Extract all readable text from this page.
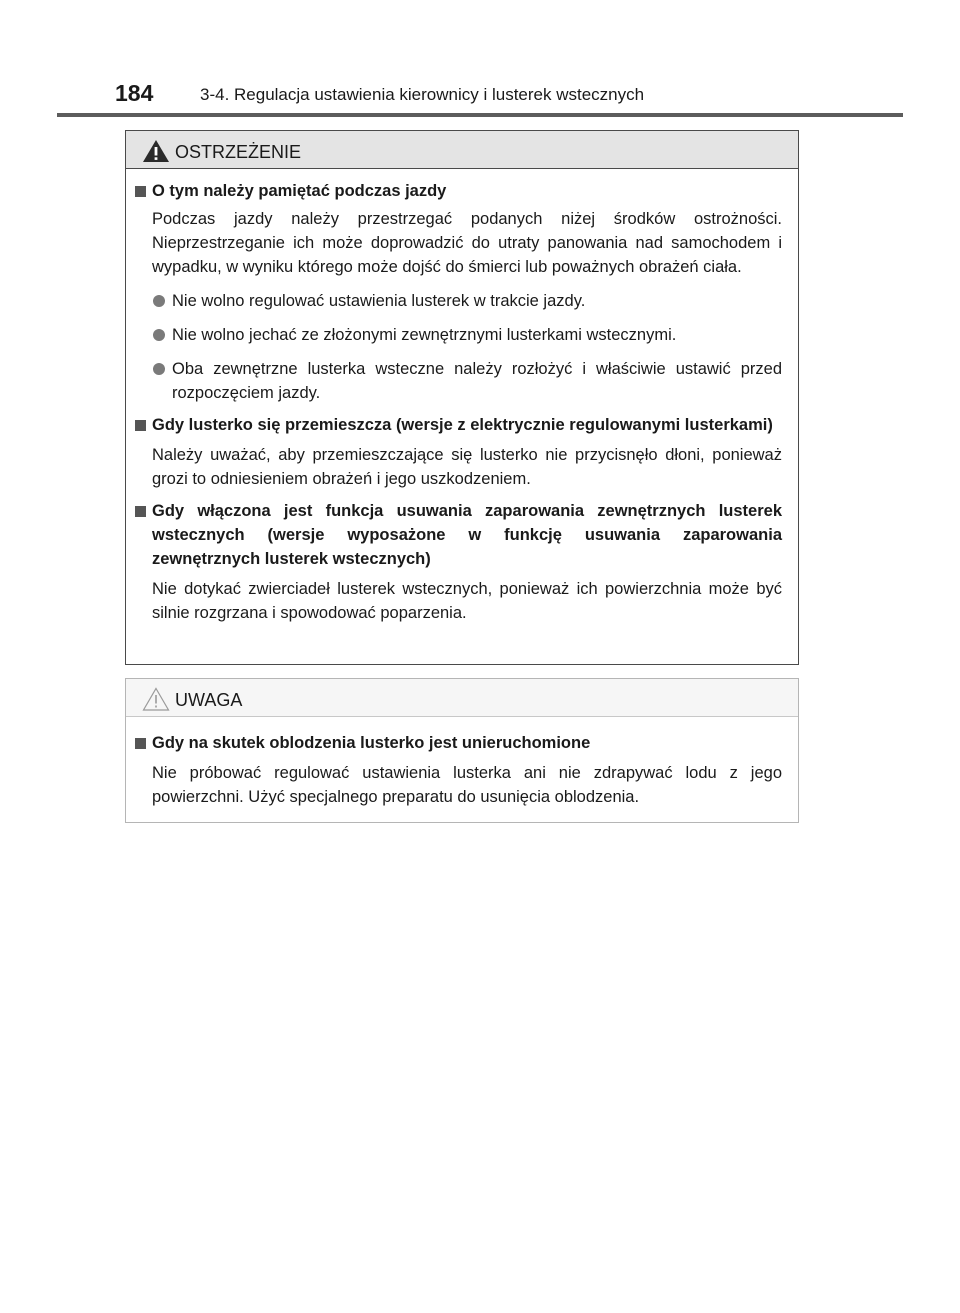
184	3-4. Regulacja ustawienia kierownicy i lusterek wstecznych
OSTRZEŻENIE
O tym należy pamiętać podczas jazdy
Podczas jazdy należy przestrzegać podanych niżej środków ostrożności. Nieprzestrzeganie ich może doprowadzić do utraty panowania nad samochodem i wypadku, w wyniku którego może dojść do śmierci lub poważnych obrażeń ciała.
Nie wolno regulować ustawienia lusterek w trakcie jazdy.
Nie wolno jechać ze złożonymi zewnętrznymi lusterkami wstecznymi.
Oba zewnętrzne lusterka wsteczne należy rozłożyć i właściwie ustawić przed rozpoczęciem jazdy.
Gdy lusterko się przemieszcza (wersje z elektrycznie regulowanymi lusterkami)
Należy uważać, aby przemieszczające się lusterko nie przycisnęło dłoni, ponieważ grozi to odniesieniem obrażeń i jego uszkodzeniem.
Gdy włączona jest funkcja usuwania zaparowania zewnętrznych lusterek wstecznych (wersje wyposażone w funkcję usuwania zaparowania zewnętrznych lusterek wstecznych)
Nie dotykać zwierciadeł lusterek wstecznych, ponieważ ich powierzchnia może być silnie rozgrzana i spowodować poparzenia.
UWAGA
Gdy na skutek oblodzenia lusterko jest unieruchomione
Nie próbować regulować ustawienia lusterka ani nie zdrapywać lodu z jego powierzchni. Użyć specjalnego preparatu do usunięcia oblodzenia.
